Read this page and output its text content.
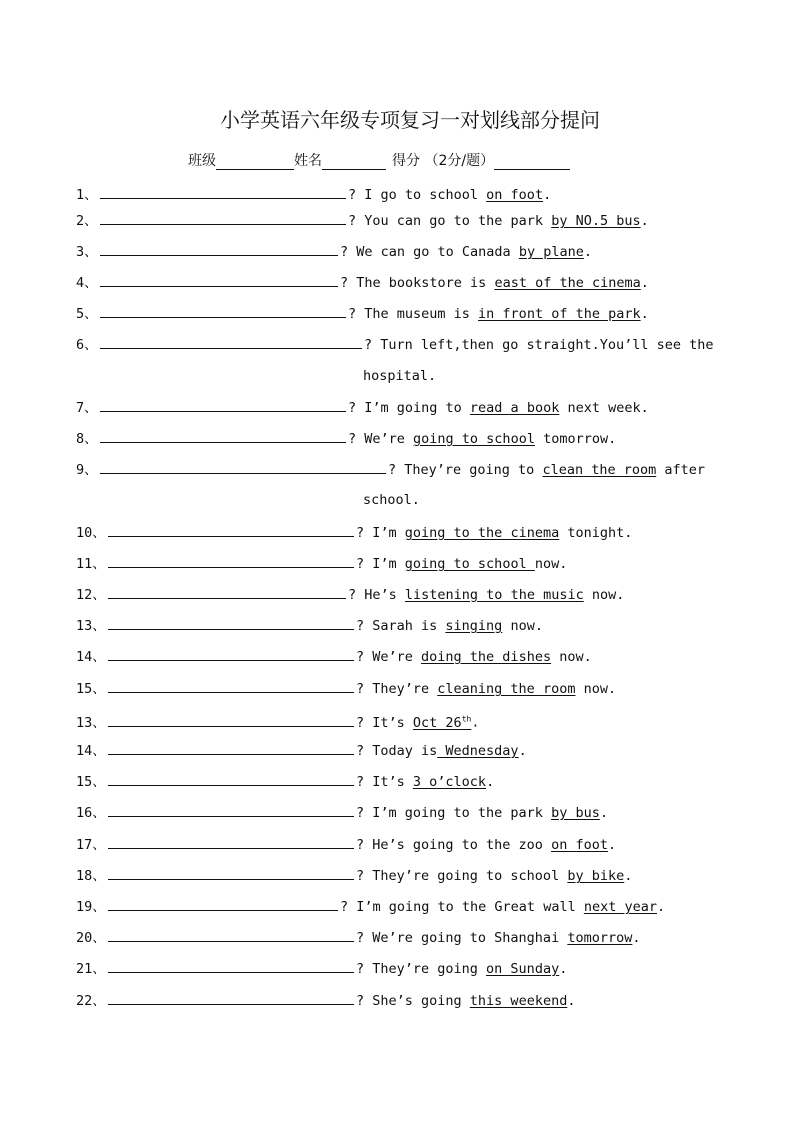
小学英语六年级专项复习一对划线部分提问
班级	姓名	得分 （2分/题）
1、	? I go to school on foot.
2、	? You can go to the park by NO.5 bus.
3、	? We can go to Canada by plane.
4、	? The bookstore is east of the cinema.
5、	? The museum is in front of the park.
6、	? Turn left,then go straight.You’ll see the
hospital.
7、	? I’m going to read a book next week.
8、	? We’re going to school tomorrow.
9、	? They’re going to clean the room after
school.
10、	? I’m going to the cinema tonight.
11、	? I’m going to school now.
12、	? He’s listening to the music now.
13、	? Sarah is singing now.
14、	? We’re doing the dishes now.
15、	? They’re cleaning the room now.
13、	? It’s Oct 26th.
14、	? Today is Wednesday.
15、	? It’s 3 o’clock.
16、	? I’m going to the park by bus.
17、	? He’s going to the zoo on foot.
18、	? They’re going to school by bike.
19、	? I’m going to the Great wall next year.
20、	? We’re going to Shanghai tomorrow.
21、	? They’re going on Sunday.
22、	? She’s going this weekend.
